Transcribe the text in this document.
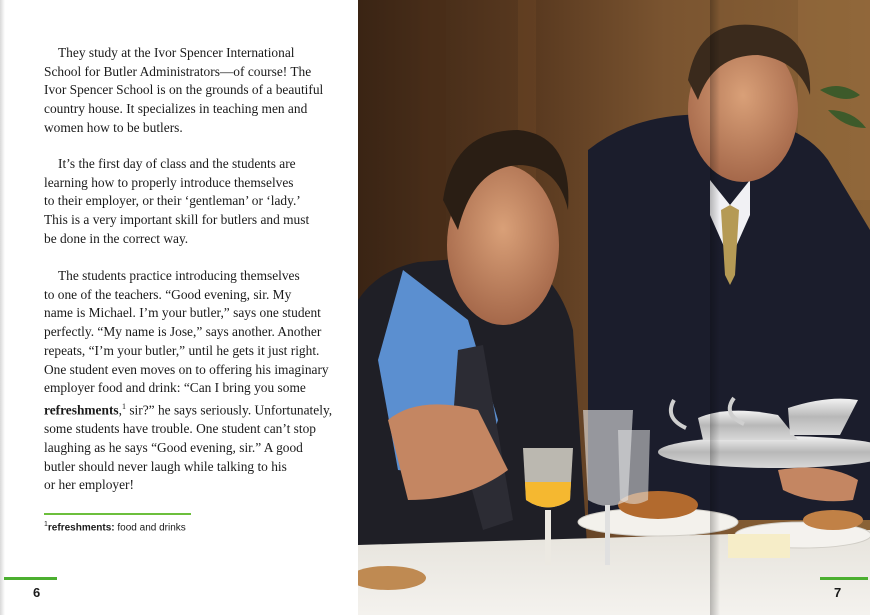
They study at the Ivor Spencer International
School for Butler Administrators—of course! The
Ivor Spencer School is on the grounds of a beautiful
country house. It specializes in teaching men and
women how to be butlers.

It’s the first day of class and the students are
learning how to properly introduce themselves
to their employer, or their ‘gentleman’ or ‘lady.’
This is a very important skill for butlers and must
be done in the correct way.

The students practice introducing themselves
to one of the teachers. “Good evening, sir. My
name is Michael. I’m your butler,” says one student
perfectly. “My name is Jose,” says another. Another
repeats, “I’m your butler,” until he gets it just right.
One student even moves on to offering his imaginary
employer food and drink: “Can I bring you some
refreshments,$^1$ sir?” he says seriously. Unfortunately,
some students have trouble. One student can’t stop
laughing as he says “Good evening, sir.” A good
butler should never laugh while talking to his
or her employer!

$^1$refreshments: food and drinks
6	7
